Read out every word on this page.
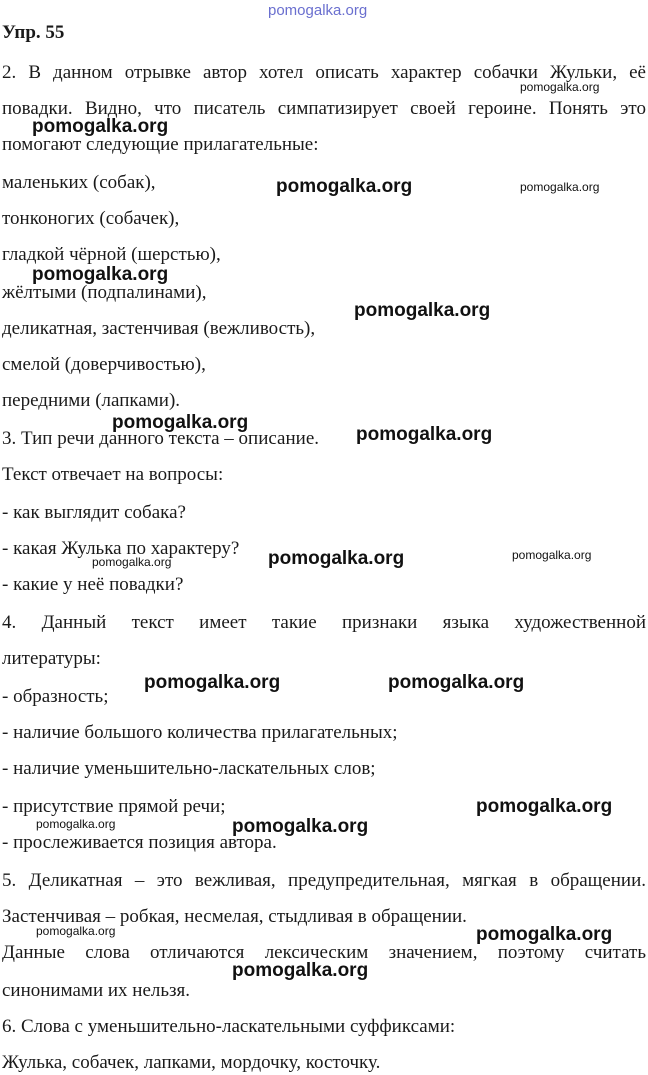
pomogalka.org

Упр. 55

2. В данном отрывке автор хотел описать характер собачки Жульки, её

повадки. Видно, что писатель симпатизирует своей героине. Понять это

помогают следующие прилагательные:

маленьких (собак),

тонконогих (собачек),

гладкой чёрной (шерстью),

жёлтыми (подпалинами),

деликатная, застенчивая (вежливость),

смелой (доверчивостью),

передними (лапками).

3. Тип речи данного текста – описание.

Текст отвечает на вопросы:

- как выглядит собака?

- какая Жулька по характеру?

- какие у неё повадки?

4. Данный текст имеет такие признаки языка художественной

литературы:

- образность;

- наличие большого количества прилагательных;

- наличие уменьшительно-ласкательных слов;

- присутствие прямой речи;

- прослеживается позиция автора.

5. Деликатная – это вежливая, предупредительная, мягкая в обращении.

Застенчивая – робкая, несмелая, стыдливая в обращении.

Данные слова отличаются лексическим значением, поэтому считать

синонимами их нельзя.

6. Слова с уменьшительно-ласкательными суффиксами:

Жулька, собачек, лапками, мордочку, косточку.

pomogalka.org

pomogalka.org

pomogalka.org

pomogalka.org

pomogalka.org

pomogalka.org

pomogalka.org

pomogalka.org	pomogalka.org

pomogalka.org

pomogalka.org

pomogalka.org

pomogalka.org

pomogalka.org

pomogalka.org

pomogalka.org	pomogalka.org

pomogalka.org

pomogalka.org
